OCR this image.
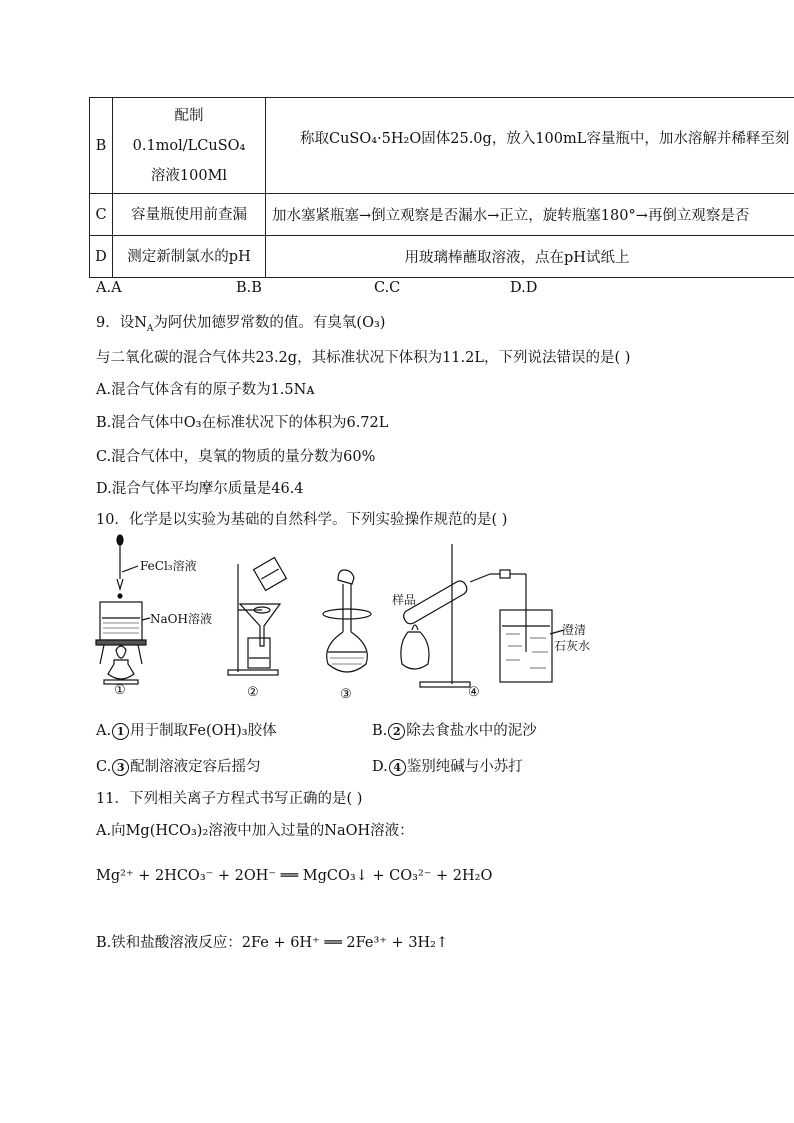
B	配制
0.1mol/LCuSO₄
溶液100Ml	称取CuSO₄·5H₂O固体25.0g，放入100mL容量瓶中，加水溶解并稀释至刻
C	容量瓶使用前查漏	加水塞紧瓶塞→倒立观察是否漏水→正立，旋转瓶塞180°→再倒立观察是否
D	测定新制氯水的pH	用玻璃棒蘸取溶液，点在pH试纸上
A.A	B.B	C.C	D.D
9．设$N_A$为阿伏加德罗常数的值。有臭氧(O₃)
与二氧化碳的混合气体共23.2g，其标准状况下体积为11.2L，下列说法错误的是( )
A.混合气体含有的原子数为1.5Nᴀ
B.混合气体中O₃在标准状况下的体积为6.72L
C.混合气体中，臭氧的物质的量分数为60%
D.混合气体平均摩尔质量是46.4
10．化学是以实验为基础的自然科学。下列实验操作规范的是( )
FeCl₃溶液
NaOH溶液
①	②	③
样品
澄清
石灰水
④
A. 1 用于制取Fe(OH)₃胶体	B. 2 除去食盐水中的泥沙
C. 3 配制溶液定容后摇匀	D. 4 鉴别纯碱与小苏打
11．下列相关离子方程式书写正确的是( )
A.向Mg(HCO₃)₂溶液中加入过量的NaOH溶液：
Mg²⁺ + 2HCO₃⁻ + 2OH⁻ ══ MgCO₃↓ + CO₃²⁻ + 2H₂O
B.铁和盐酸溶液反应：2Fe + 6H⁺ ══ 2Fe³⁺ + 3H₂↑
